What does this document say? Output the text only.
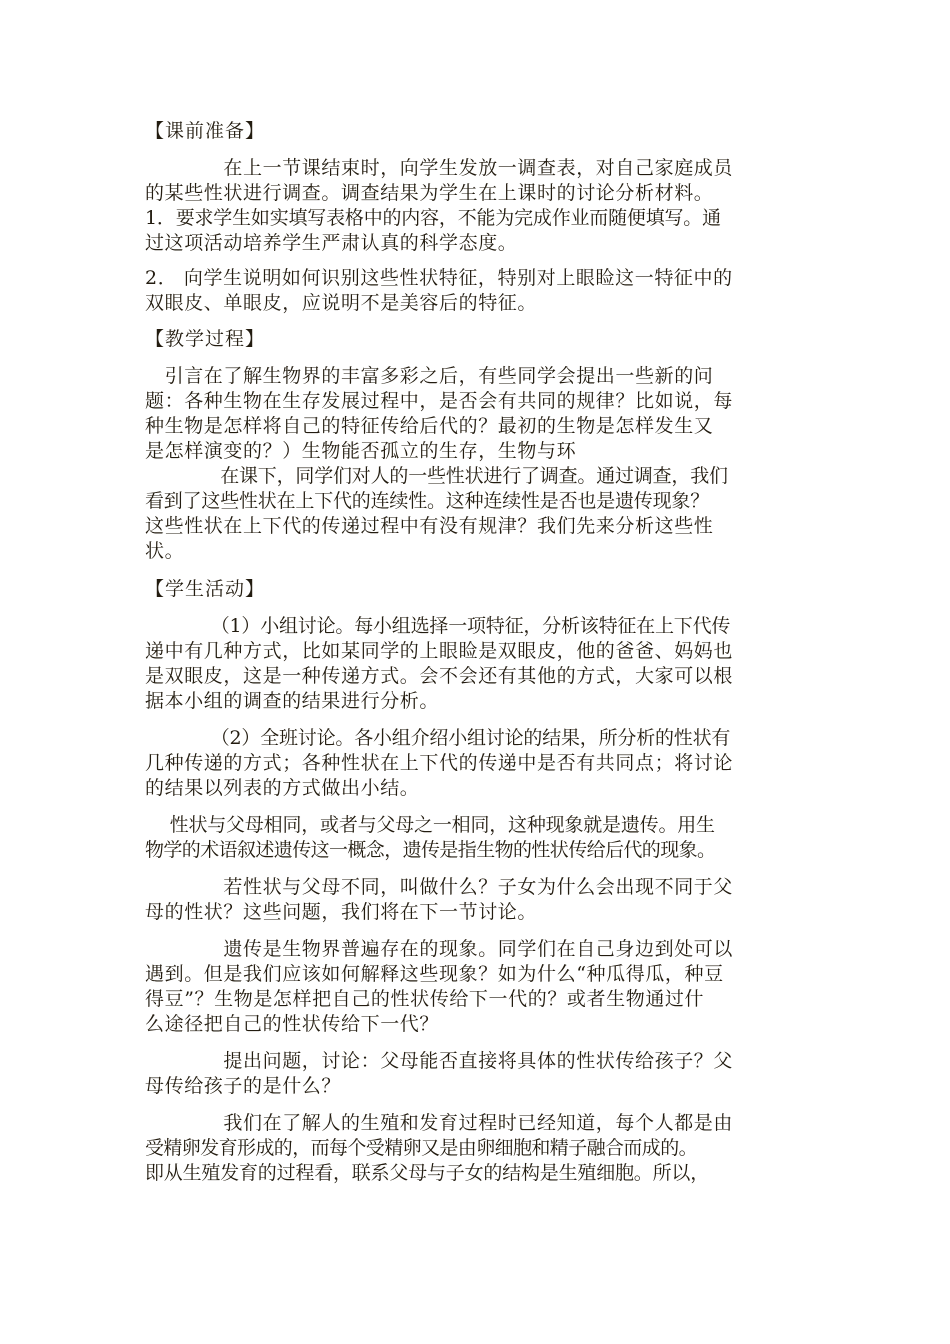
【课前准备】
　　　　在上一节课结束时，向学生发放一调查表，对自己家庭成员
的某些性状进行调查。调查结果为学生在上课时的讨论分析材料。
1．要求学生如实填写表格中的内容，不能为完成作业而随便填写。通
过这项活动培养学生严肃认真的科学态度。
2． 向学生说明如何识别这些性状特征，特别对上眼睑这一特征中的
双眼皮、单眼皮，应说明不是美容后的特征。
【教学过程】
　引言在了解生物界的丰富多彩之后，有些同学会提出一些新的问
题：各种生物在生存发展过程中，是否会有共同的规律？比如说，每
种生物是怎样将自己的特征传给后代的？最初的生物是怎样发生又
是怎样演变的？）生物能否孤立的生存，生物与环
　　　　在课下，同学们对人的一些性状进行了调查。通过调查，我们
看到了这些性状在上下代的连续性。这种连续性是否也是遗传现象？
这些性状在上下代的传递过程中有没有规津？我们先来分析这些性
状。
【学生活动】
　　　　（1）小组讨论。每小组选择一项特征，分析该特征在上下代传
递中有几种方式，比如某同学的上眼睑是双眼皮，他的爸爸、妈妈也
是双眼皮，这是一种传递方式。会不会还有其他的方式，大家可以根
据本小组的调查的结果进行分析。
　　　　（2）全班讨论。各小组介绍小组讨论的结果，所分析的性状有
几种传递的方式；各种性状在上下代的传递中是否有共同点；将讨论
的结果以列表的方式做出小结。
　 性状与父母相同，或者与父母之一相同，这种现象就是遗传。用生
物学的术语叙述遗传这一概念，遗传是指生物的性状传给后代的现象。
　　　　若性状与父母不同，叫做什么？子女为什么会出现不同于父
母的性状？这些问题，我们将在下一节讨论。
　　　　遗传是生物界普遍存在的现象。同学们在自己身边到处可以
遇到。但是我们应该如何解释这些现象？如为什么“种瓜得瓜，种豆
得豆”？生物是怎样把自己的性状传给下一代的？或者生物通过什
么途径把自己的性状传给下一代？
　　　　提出问题，讨论：父母能否直接将具体的性状传给孩子？父
母传给孩子的是什么？
　　　　我们在了解人的生殖和发育过程时已经知道，每个人都是由
受精卵发育形成的，而每个受精卵又是由卵细胞和精子融合而成的。
即从生殖发育的过程看，联系父母与子女的结构是生殖细胞。所以，
